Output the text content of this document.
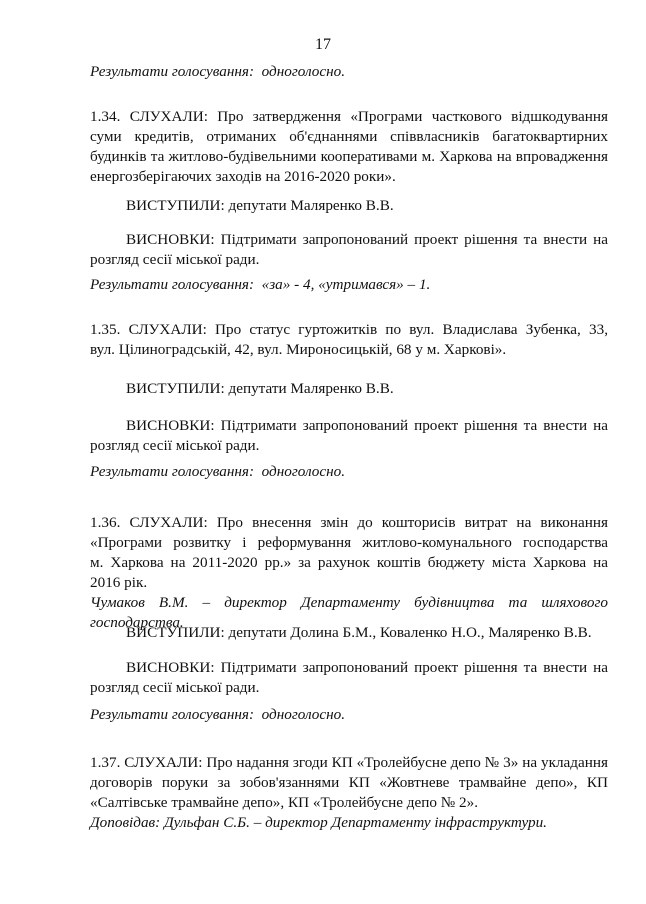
17
Результати голосування: одноголосно.
1.34. СЛУХАЛИ: Про затвердження «Програми часткового відшкодування
суми кредитів, отриманих об'єднаннями співвласників багатоквартирних
будинків та житлово-будівельними кооперативами м. Харкова на впровадження
енергозберігаючих заходів на 2016-2020 роки».
ВИСТУПИЛИ: депутати Маляренко В.В.
ВИСНОВКИ: Підтримати запропонований проект рішення та внести на
розгляд сесії міської ради.
Результати голосування: «за» - 4, «утримався» – 1.
1.35. СЛУХАЛИ: Про статус гуртожитків по вул. Владислава Зубенка, 33,
вул. Цілиноградській, 42, вул. Мироносицькій, 68 у м. Харкові».
ВИСТУПИЛИ: депутати Маляренко В.В.
ВИСНОВКИ: Підтримати запропонований проект рішення та внести на
розгляд сесії міської ради.
Результати голосування: одноголосно.
1.36. СЛУХАЛИ: Про внесення змін до кошторисів витрат на виконання
«Програми розвитку і реформування житлово-комунального господарства
м. Харкова на 2011-2020 рр.» за рахунок коштів бюджету міста Харкова на
2016 рік.
Чумаков В.М. – директор Департаменту будівництва та шляхового
господарства.
ВИСТУПИЛИ: депутати Долина Б.М., Коваленко Н.О., Маляренко В.В.
ВИСНОВКИ: Підтримати запропонований проект рішення та внести на
розгляд сесії міської ради.
Результати голосування: одноголосно.
1.37. СЛУХАЛИ: Про надання згоди КП «Тролейбусне депо № 3» на укладання
договорів поруки за зобов'язаннями КП «Жовтневе трамвайне депо», КП
«Салтівське трамвайне депо», КП «Тролейбусне депо № 2».
Доповідав: Дульфан С.Б. – директор Департаменту інфраструктури.
